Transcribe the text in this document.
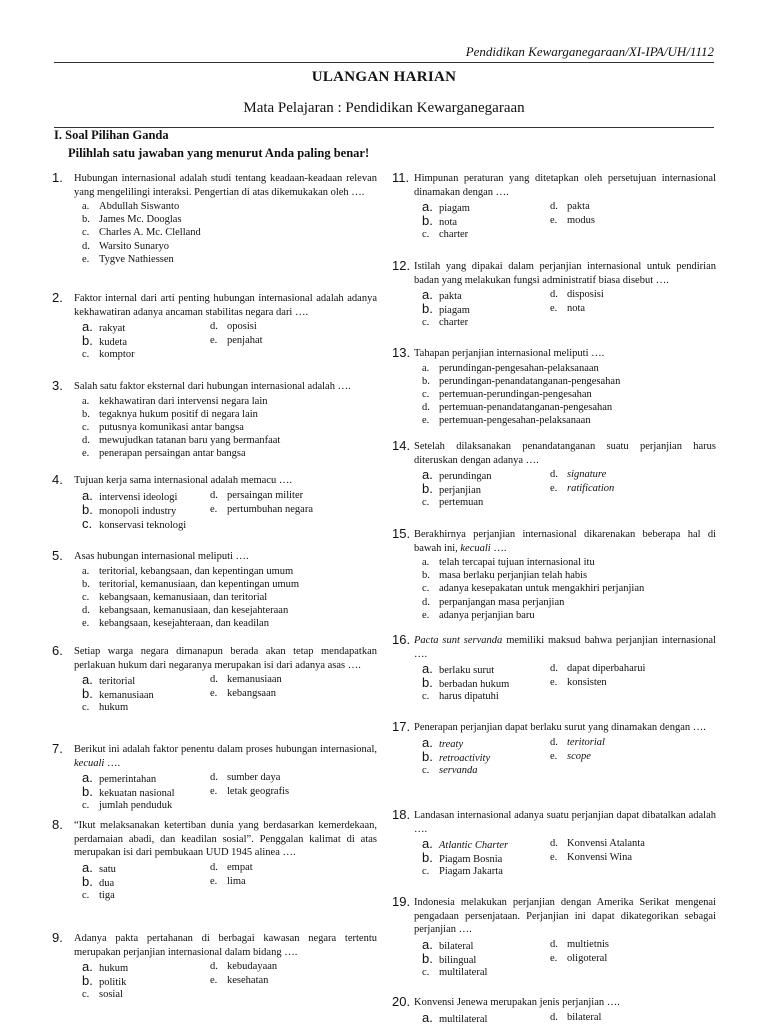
Pendidikan Kewarganegaraan/XI-IPA/UH/1112
ULANGAN HARIAN
Mata Pelajaran : Pendidikan Kewarganegaraan
I. Soal Pilihan Ganda
Pilihlah satu jawaban yang menurut Anda paling benar!
1. Hubungan internasional adalah studi tentang keadaan-keadaan relevan yang mengelilingi interaksi. Pengertian di atas dikemukakan oleh ….
a. Abdullah Siswanto
b. James Mc. Dooglas
c. Charles A. Mc. Clelland
d. Warsito Sunaryo
e. Tygve Nathiessen
2. Faktor internal dari arti penting hubungan internasional adalah adanya kekhawatiran adanya ancaman stabilitas negara dari ….
a. rakyat	d. oposisi
b. kudeta	e. penjahat
c. komptor
3. Salah satu faktor eksternal dari hubungan internasional adalah ….
a. kekhawatiran dari intervensi negara lain
b. tegaknya hukum positif di negara lain
c. putusnya komunikasi antar bangsa
d. mewujudkan tatanan baru yang bermanfaat
e. penerapan persaingan antar bangsa
4. Tujuan kerja sama internasional adalah memacu ….
a. intervensi ideologi	d. persaingan militer
b. monopoli industry	e. pertumbuhan negara
c. konservasi teknologi
5. Asas hubungan internasional meliputi ….
a. teritorial, kebangsaan, dan kepentingan umum
b. teritorial, kemanusiaan, dan kepentingan umum
c. kebangsaan, kemanusiaan, dan teritorial
d. kebangsaan, kemanusiaan, dan kesejahteraan
e. kebangsaan, kesejahteraan, dan keadilan
6. Setiap warga negara dimanapun berada akan tetap mendapatkan perlakuan hukum dari negaranya merupakan isi dari adanya asas ….
a. teritorial	d. kemanusiaan
b. kemanusiaan	e. kebangsaan
c. hukum
7. Berikut ini adalah faktor penentu dalam proses hubungan internasional, kecuali ….
a. pemerintahan	d. sumber daya
b. kekuatan nasional	e. letak geografis
c. jumlah penduduk
8. “Ikut melaksanakan ketertiban dunia yang berdasarkan kemerdekaan, perdamaian abadi, dan keadilan sosial”. Penggalan kalimat di atas merupakan isi dari pembukaan UUD 1945 alinea ….
a. satu	d. empat
b. dua	e. lima
c. tiga
9. Adanya pakta pertahanan di berbagai kawasan negara tertentu merupakan perjanjian internasional dalam bidang ….
a. hukum	d. kebudayaan
b. politik	e. kesehatan
c. sosial
11. Himpunan peraturan yang ditetapkan oleh persetujuan internasional dinamakan dengan ….
a. piagam	d. pakta
b. nota	e. modus
c. charter
12. Istilah yang dipakai dalam perjanjian internasional untuk pendirian badan yang melakukan fungsi administratif biasa disebut ….
a. pakta	d. disposisi
b. piagam	e. nota
c. charter
13. Tahapan perjanjian internasional meliputi ….
a. perundingan-pengesahan-pelaksanaan
b. perundingan-penandatanganan-pengesahan
c. pertemuan-perundingan-pengesahan
d. pertemuan-penandatanganan-pengesahan
e. pertemuan-pengesahan-pelaksanaan
14. Setelah dilaksanakan penandatanganan suatu perjanjian harus diteruskan dengan adanya ….
a. perundingan	d. signature
b. perjanjian	e. ratification
c. pertemuan
15. Berakhirnya perjanjian internasional dikarenakan beberapa hal di bawah ini, kecuali ….
a. telah tercapai tujuan internasional itu
b. masa berlaku perjanjian telah habis
c. adanya kesepakatan untuk mengakhiri perjanjian
d. perpanjangan masa perjanjian
e. adanya perjanjian baru
16. Pacta sunt servanda memiliki maksud bahwa perjanjian internasional ….
a. berlaku surut	d. dapat diperbaharui
b. berbadan hukum	e. konsisten
c. harus dipatuhi
17. Penerapan perjanjian dapat berlaku surut yang dinamakan dengan ….
a. treaty	d. teritorial
b. retroactivity	e. scope
c. servanda
18. Landasan internasional adanya suatu perjanjian dapat dibatalkan adalah ….
a. Atlantic Charter	d. Konvensi Atalanta
b. Piagam Bosnia	e. Konvensi Wina
c. Piagam Jakarta
19. Indonesia melakukan perjanjian dengan Amerika Serikat mengenai pengadaan persenjataan. Perjanjian ini dapat dikategorikan sebagai perjanjian ….
a. bilateral	d. multietnis
b. bilingual	e. oligoteral
c. multilateral
20. Konvensi Jenewa merupakan jenis perjanjian ….
a. multilateral	d. bilateral
